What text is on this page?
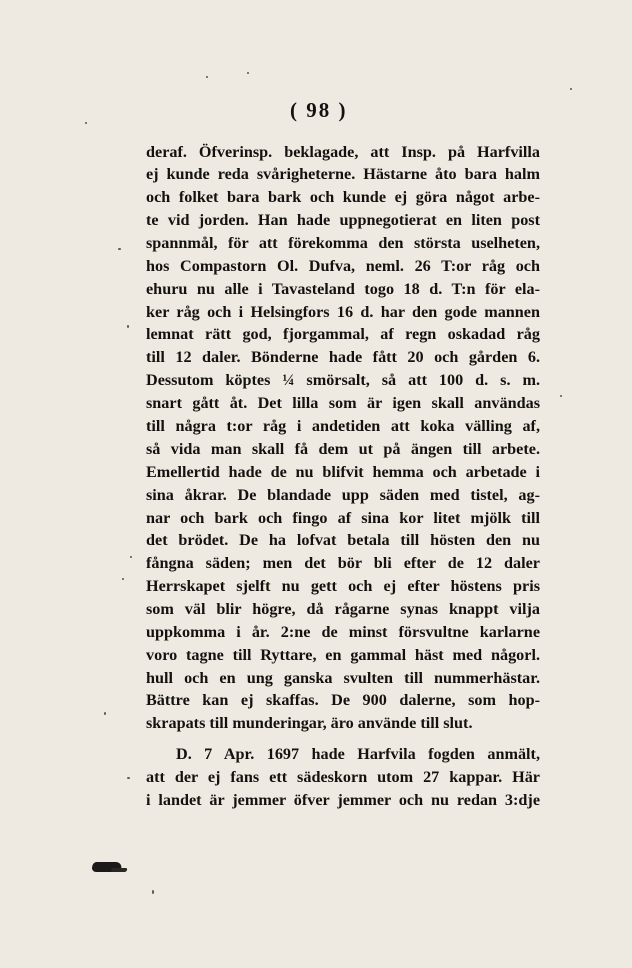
( 98 )
deraf. Öfverinsp. beklagade, att Insp. på Harfvilla
ej kunde reda svårigheterne. Hästarne åto bara halm
och folket bara bark och kunde ej göra något arbe-
te vid jorden. Han hade uppnegotierat en liten post
spannmål, för att förekomma den största uselheten,
hos Compastorn Ol. Dufva, neml. 26 T:or råg och
ehuru nu alle i Tavasteland togo 18 d. T:n för ela-
ker råg och i Helsingfors 16 d. har den gode mannen
lemnat rätt god, fjorgammal, af regn oskadad råg
till 12 daler. Bönderne hade fått 20 och gården 6.
Dessutom köptes ¼ smörsalt, så att 100 d. s. m.
snart gått åt. Det lilla som är igen skall användas
till några t:or råg i andetiden att koka välling af,
så vida man skall få dem ut på ängen till arbete.
Emellertid hade de nu blifvit hemma och arbetade i
sina åkrar. De blandade upp säden med tistel, ag-
nar och bark och fingo af sina kor litet mjölk till
det brödet. De ha lofvat betala till hösten den nu
fångna säden; men det bör bli efter de 12 daler
Herrskapet sjelft nu gett och ej efter höstens pris
som väl blir högre, då rågarne synas knappt vilja
uppkomma i år. 2:ne de minst försvultne karlarne
voro tagne till Ryttare, en gammal häst med någorl.
hull och en ung ganska svulten till nummerhästar.
Bättre kan ej skaffas. De 900 dalerne, som hop-
skrapats till munderingar, äro använde till slut.
D. 7 Apr. 1697 hade Harfvila fogden anmält,
att der ej fans ett sädeskorn utom 27 kappar. Här
i landet är jemmer öfver jemmer och nu redan 3:dje
